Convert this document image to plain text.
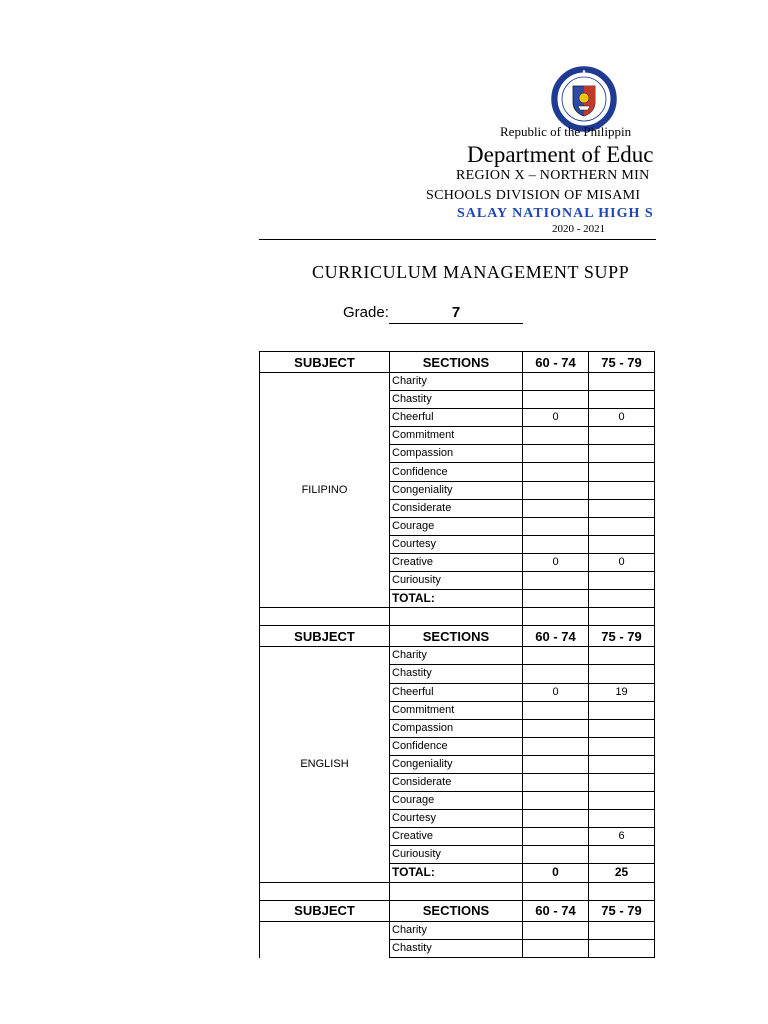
Republic of the Philippin
Department of Educ
REGION X – NORTHERN MIN
SCHOOLS DIVISION OF MISAMI
SALAY NATIONAL HIGH S
2020 - 2021
CURRICULUM MANAGEMENT SUPP
Grade:	7
SUBJECT	SECTIONS	60 - 74	75 - 79
FILIPINO	Charity		
	Chastity		
	Cheerful	0	0
	Commitment		
	Compassion		
	Confidence		
	Congeniality		
	Considerate		
	Courage		
	Courtesy		
	Creative	0	0
	Curiousity		
	TOTAL:		

SUBJECT	SECTIONS	60 - 74	75 - 79
ENGLISH	Charity		
	Chastity		
	Cheerful	0	19
	Commitment		
	Compassion		
	Confidence		
	Congeniality		
	Considerate		
	Courage		
	Courtesy		
	Creative		6
	Curiousity		
	TOTAL:	0	25

SUBJECT	SECTIONS	60 - 74	75 - 79
	Charity		
	Chastity		
